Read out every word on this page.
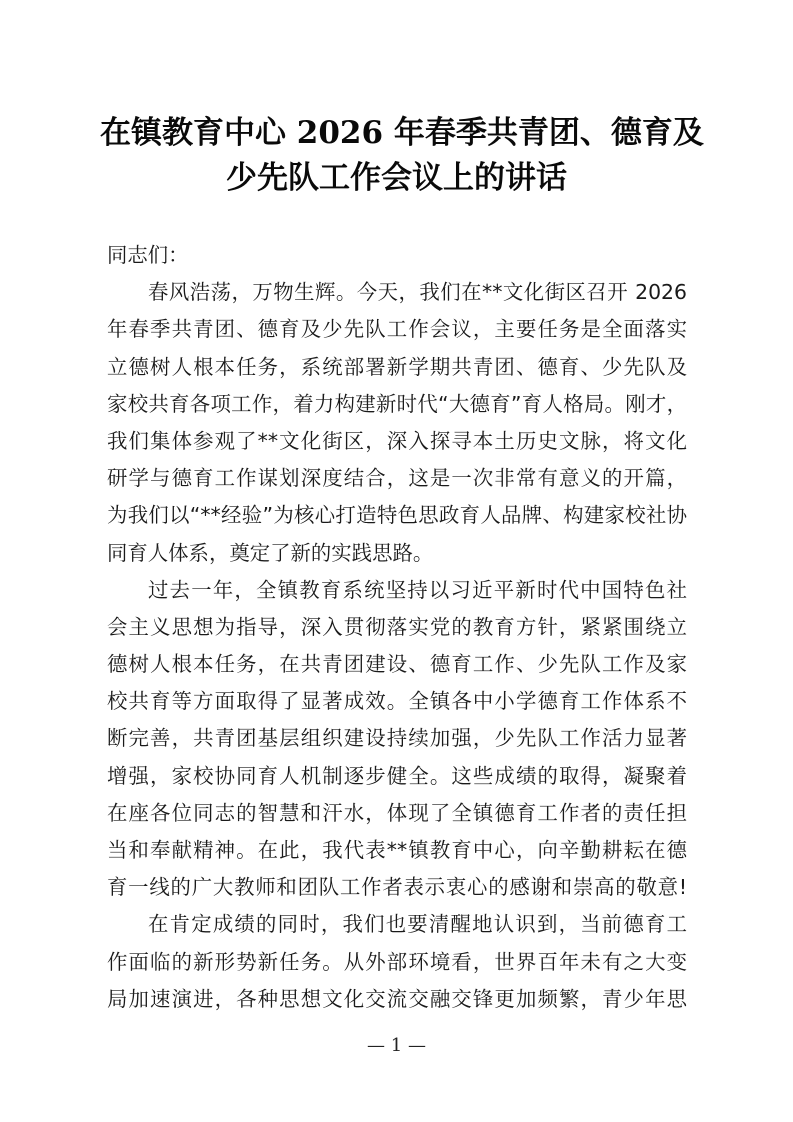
在镇教育中心 2026 年春季共青团、德育及
少先队工作会议上的讲话
同志们：
春风浩荡，万物生辉。今天，我们在**文化街区召开 2026
年春季共青团、德育及少先队工作会议，主要任务是全面落实
立德树人根本任务，系统部署新学期共青团、德育、少先队及
家校共育各项工作，着力构建新时代“大德育”育人格局。刚才，
我们集体参观了**文化街区，深入探寻本土历史文脉，将文化
研学与德育工作谋划深度结合，这是一次非常有意义的开篇，
为我们以“**经验”为核心打造特色思政育人品牌、构建家校社协
同育人体系，奠定了新的实践思路。
过去一年，全镇教育系统坚持以习近平新时代中国特色社
会主义思想为指导，深入贯彻落实党的教育方针，紧紧围绕立
德树人根本任务，在共青团建设、德育工作、少先队工作及家
校共育等方面取得了显著成效。全镇各中小学德育工作体系不
断完善，共青团基层组织建设持续加强，少先队工作活力显著
增强，家校协同育人机制逐步健全。这些成绩的取得，凝聚着
在座各位同志的智慧和汗水，体现了全镇德育工作者的责任担
当和奉献精神。在此，我代表**镇教育中心，向辛勤耕耘在德
育一线的广大教师和团队工作者表示衷心的感谢和崇高的敬意!
在肯定成绩的同时，我们也要清醒地认识到，当前德育工
作面临的新形势新任务。从外部环境看，世界百年未有之大变
局加速演进，各种思想文化交流交融交锋更加频繁，青少年思
— 1 —
